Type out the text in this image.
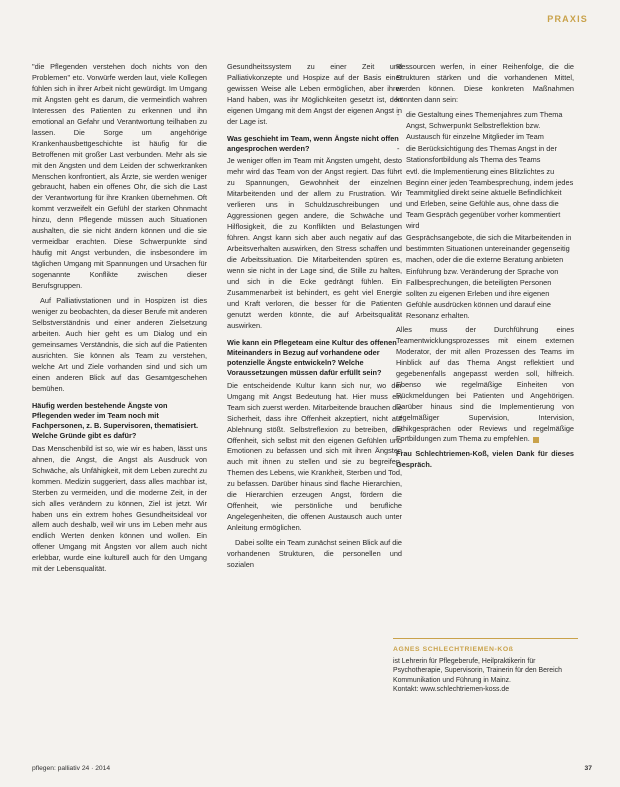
PRAXIS

"die Pflegenden verstehen doch nichts von den Problemen" etc. Vorwürfe werden laut, viele Kollegen fühlen sich in ihrer Arbeit nicht gewürdigt. Im Umgang mit Ängsten geht es darum, die vermeintlich wahren Interessen des Patienten zu erkennen und ihn emotional an Gefahr und Verantwortung teilhaben zu lassen. Die Sorge um angehörige Krankenhausbettgeschichte ist häufig für die Betroffenen mit großer Last verbunden. Mehr als sie mit den Ängsten und dem Leiden der schwerkranken Menschen konfrontiert, als Ärzte, sie werden weniger gebraucht, haben ein offenes Ohr, die sich die Last der Verantwortung für ihre Kranken übernehmen. Oft kommt verzweifelt ein Gefühl der starken Ohnmacht hinzu, denn Pflegende müssen auch Situationen aushalten, die sie nicht ändern können und die sie vermeidbar erachten. Diese Schwerpunkte sind häufig mit Angst verbunden, die insbesondere im täglichen Umgang mit Spannungen und Ursachen für sogenannte Konflikte zwischen dieser Berufsgruppen.

Auf Palliativstationen und in Hospizen ist dies weniger zu beobachten, da dieser Berufe mit anderen Selbstverständnis und einer anderen Zielsetzung arbeiten. Auch hier geht es um Dialog und ein gemeinsames Verständnis, die sich auf die Patienten ausrichten. Sie können als Team zu verstehen, welche Art und Ziele vorhanden sind und sich um einen anderen Blick auf das Gesamtgeschehen bemühen.

Häufig werden bestehende Ängste von Pflegenden weder im Team noch mit Fachpersonen, z. B. Supervisoren, thematisiert. Welche Gründe gibt es dafür?

Das Menschenbild ist so, wie wir es haben, lässt uns ahnen, die Angst, die Angst als Ausdruck von Schwäche, als Unfähigkeit, mit dem Leben zurecht zu kommen. Medizin suggeriert, dass alles machbar ist, Sterben zu vermeiden, und die moderne Zeit, in der sich alles verändern zu können, Ziel ist jetzt. Wir haben uns ein extrem hohes Gesundheitsideal vor allem auch deshalb, weil wir uns im Leben mehr aus endlich Werten denken können und wollen. Ein offener Umgang mit Ängsten vor allem auch nicht erlebbar, wurde eine kulturell auch für den Umgang mit der Lebensqualität.

Gesundheitssystem zu einer Zeit und Palliativkonzepte und Hospize auf der Basis einer gewissen Weise alle Leben ermöglichen, aber ihrer Hand haben, was ihr Möglichkeiten gesetzt ist, den eigenen Umgang mit dem Angst der eigenen Angst in der Lage ist.

Was geschieht im Team, wenn Ängste nicht offen angesprochen werden?

Je weniger offen im Team mit Ängsten umgeht, desto mehr wird das Team von der Angst regiert. Das führt zu Spannungen, Gewohnheit der einzelnen Mitarbeitenden und der allem zu Frustration. Wir verlieren uns in Schuldzuschreibungen und Aggressionen gegen andere, die Schwäche und Hilflosigkeit, die zu Konflikten und Belastungen führen. Angst kann sich aber auch negativ auf das Arbeitsverhalten auswirken, den Stress schaffen und die Arbeitssituation. Die Mitarbeitenden spüren es, wenn sie nicht in der Lage sind, die Stille zu halten, und sich in die Ecke gedrängt fühlen. Ein Zusammenarbeit ist behindert, es geht viel Energie und Kraft verloren, die besser für die Patienten genutzt werden könnte, die auf Arbeitsqualität auswirken.

Wie kann ein Pflegeteam eine Kultur des offenen Miteinanders in Bezug auf vorhandene oder potenzielle Ängste entwickeln? Welche Voraussetzungen müssen dafür erfüllt sein?

Die entscheidende Kultur kann sich nur, wo der Umgang mit Angst Bedeutung hat. Hier muss ein Team sich zuerst werden. Mitarbeitende brauchen die Sicherheit, dass ihre Offenheit akzeptiert, nicht auf Ablehnung stößt. Selbstreflexion zu betreiben, die Offenheit, sich selbst mit den eigenen Gefühlen und Emotionen zu befassen und sich mit ihren Ängsten auch mit ihnen zu stellen und sie zu begreifen. Themen des Lebens, wie Krankheit, Sterben und Tod, zu befassen. Darüber hinaus sind flache Hierarchien, die Hierarchien erzeugen Angst, fördern die Offenheit, wie persönliche und berufliche Angelegenheiten, die offenen Austausch auch unter Anleitung ermöglichen.

Dabei sollte ein Team zunächst seinen Blick auf die vorhandenen Strukturen, die personellen und sozialen

Ressourcen werfen, in einer Reihenfolge, die die Strukturen stärken und die vorhandenen Mittel, werden können. Diese konkreten Maßnahmen könnten dann sein:

- die Gestaltung eines Themenjahres zum Thema Angst, Schwerpunkt Selbstreflektion bzw. Austausch für einzelne Mitglieder im Team
- die Berücksichtigung des Themas Angst in der Stationsfortbildung als Thema des Teams
- evtl. die Implementierung eines Blitzlichtes zu Beginn einer jeden Teambesprechung, indem jedes Teammitglied direkt seine aktuelle Befindlichkeit und Erleben, seine Gefühle aus, ohne dass die Team Gespräch gegenüber vorher kommentiert wird
- Gesprächsangebote, die sich die Mitarbeitenden in bestimmten Situationen untereinander gegenseitig machen, oder die die externe Beratung anbieten
- Einführung bzw. Veränderung der Sprache von Fallbesprechungen, die beteiligten Personen sollten zu eigenen Erleben und ihre eigenen Gefühle ausdrücken können und darauf eine Resonanz erhalten.

Alles muss der Durchführung eines Teamentwicklungsprozesses mit einem externen Moderator, der mit allen Prozessen des Teams im Hinblick auf das Thema Angst reflektiert und gegebenenfalls angepasst werden soll, hilfreich. Ebenso wie regelmäßige Einheiten von Rückmeldungen bei Patienten und Angehörigen. Darüber hinaus sind die Implementierung von regelmäßiger Supervision, Intervision, Ethikgesprächen oder Reviews und regelmäßige Fortbildungen zum Thema zu empfehlen.

Frau Schlechtriemen-Koß, vielen Dank für dieses Gespräch.

AGNES SCHLECHTRIEMEN-KOß

ist Lehrerin für Pflegeberufe, Heilpraktikerin für Psychotherapie, Supervisorin, Trainerin für den Bereich Kommunikation und Führung in Mainz.

Kontakt: www.schlechtriemen-koss.de

pflegen: palliativ 24 · 2014	37
